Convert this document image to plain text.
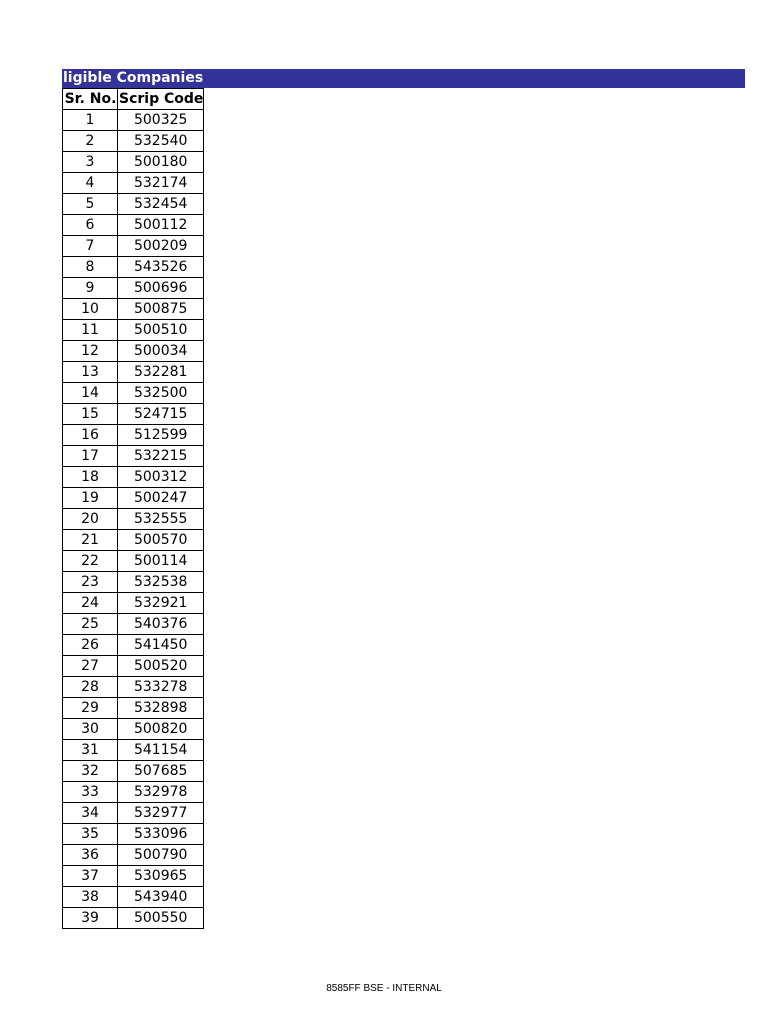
ligible Companies
Sr. No.	Scrip Code
1	500325
2	532540
3	500180
4	532174
5	532454
6	500112
7	500209
8	543526
9	500696
10	500875
11	500510
12	500034
13	532281
14	532500
15	524715
16	512599
17	532215
18	500312
19	500247
20	532555
21	500570
22	500114
23	532538
24	532921
25	540376
26	541450
27	500520
28	533278
29	532898
30	500820
31	541154
32	507685
33	532978
34	532977
35	533096
36	500790
37	530965
38	543940
39	500550
8585FF BSE - INTERNAL
